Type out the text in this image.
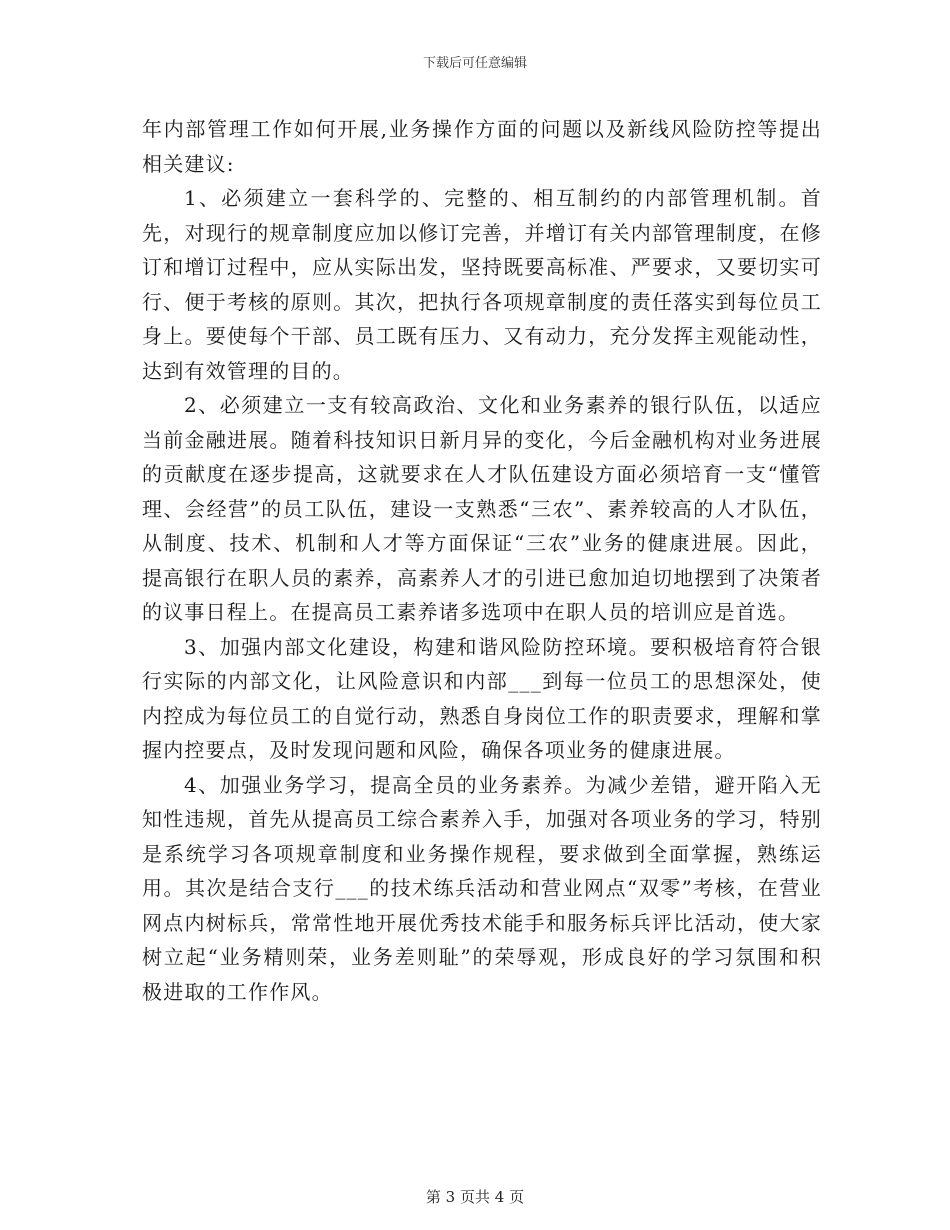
下载后可任意编辑

年内部管理工作如何开展,业务操作方面的问题以及新线风险防控等提出相关建议:

1、必须建立一套科学的、完整的、相互制约的内部管理机制。首先，对现行的规章制度应加以修订完善，并增订有关内部管理制度，在修订和增订过程中，应从实际出发，坚持既要高标准、严要求，又要切实可行、便于考核的原则。其次，把执行各项规章制度的责任落实到每位员工身上。要使每个干部、员工既有压力、又有动力，充分发挥主观能动性，达到有效管理的目的。

2、必须建立一支有较高政治、文化和业务素养的银行队伍，以适应当前金融进展。随着科技知识日新月异的变化，今后金融机构对业务进展的贡献度在逐步提高，这就要求在人才队伍建设方面必须培育一支“懂管理、会经营”的员工队伍，建设一支熟悉“三农”、素养较高的人才队伍，从制度、技术、机制和人才等方面保证“三农”业务的健康进展。因此，提高银行在职人员的素养，高素养人才的引进已愈加迫切地摆到了决策者的议事日程上。在提高员工素养诸多选项中在职人员的培训应是首选。

3、加强内部文化建设，构建和谐风险防控环境。要积极培育符合银行实际的内部文化，让风险意识和内部___到每一位员工的思想深处，使内控成为每位员工的自觉行动，熟悉自身岗位工作的职责要求，理解和掌握内控要点，及时发现问题和风险，确保各项业务的健康进展。

4、加强业务学习，提高全员的业务素养。为减少差错，避开陷入无知性违规，首先从提高员工综合素养入手，加强对各项业务的学习，特别是系统学习各项规章制度和业务操作规程，要求做到全面掌握，熟练运用。其次是结合支行___的技术练兵活动和营业网点“双零”考核，在营业网点内树标兵，常常性地开展优秀技术能手和服务标兵评比活动，使大家树立起“业务精则荣，业务差则耻”的荣辱观，形成良好的学习氛围和积极进取的工作作风。

第 3 页共 4 页
